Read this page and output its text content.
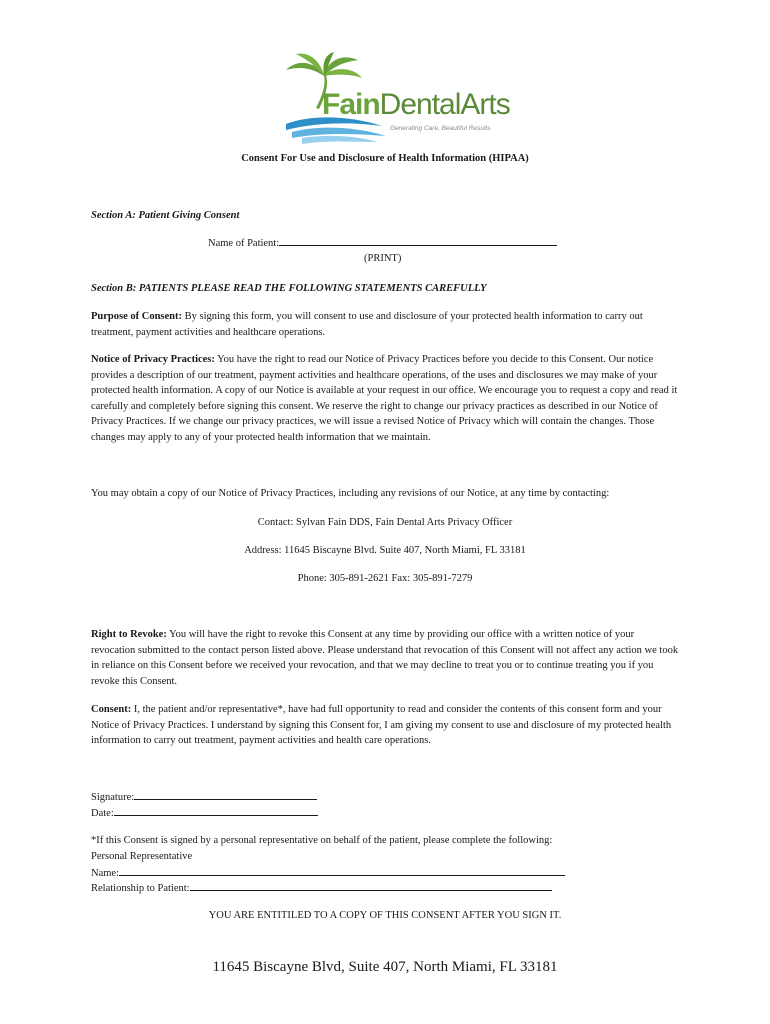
FainDentalArts
Generating Care, Beautiful Results
Consent For Use and Disclosure of Health Information (HIPAA)
Section A: Patient Giving Consent
Name of Patient:
(PRINT)
Section B: PATIENTS PLEASE READ THE FOLLOWING STATEMENTS CAREFULLY
Purpose of Consent: By signing this form, you will consent to use and disclosure of your protected health information to carry out treatment, payment activities and healthcare operations.
Notice of Privacy Practices: You have the right to read our Notice of Privacy Practices before you decide to this Consent. Our notice provides a description of our treatment, payment activities and healthcare operations, of the uses and disclosures we may make of your protected health information. A copy of our Notice is available at your request in our office. We encourage you to request a copy and read it carefully and completely before signing this consent. We reserve the right to change our privacy practices as described in our Notice of Privacy Practices. If we change our privacy practices, we will issue a revised Notice of Privacy which will contain the changes. Those changes may apply to any of your protected health information that we maintain.
You may obtain a copy of our Notice of Privacy Practices, including any revisions of our Notice, at any time by contacting:
Contact: Sylvan Fain DDS, Fain Dental Arts Privacy Officer
Address: 11645 Biscayne Blvd. Suite 407, North Miami, FL 33181
Phone: 305-891-2621 Fax: 305-891-7279
Right to Revoke: You will have the right to revoke this Consent at any time by providing our office with a written notice of your revocation submitted to the contact person listed above. Please understand that revocation of this Consent will not affect any action we took in reliance on this Consent before we received your revocation, and that we may decline to treat you or to continue treating you if you revoke this Consent.
Consent: I, the patient and/or representative*, have had full opportunity to read and consider the contents of this consent form and your Notice of Privacy Practices. I understand by signing this Consent for, I am giving my consent to use and disclosure of my protected health information to carry out treatment, payment activities and health care operations.
Signature:
Date:
*If this Consent is signed by a personal representative on behalf of the patient, please complete the following:
Personal Representative
Name:
Relationship to Patient:
YOU ARE ENTITILED TO A COPY OF THIS CONSENT AFTER YOU SIGN IT.
11645 Biscayne Blvd, Suite 407, North Miami, FL 33181
